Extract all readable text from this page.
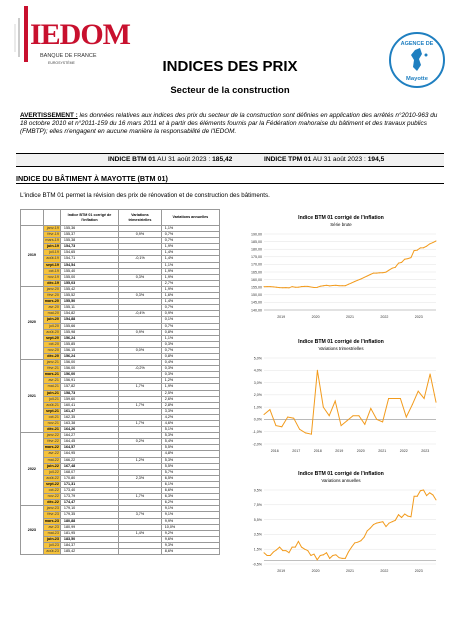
IEDOM
BANQUE DE FRANCE
EUROSYSTÈME	INDICES DES PRIX
Secteur de la construction
AGENCE DE
Mayotte
AVERTISSEMENT : les données relatives aux indices des prix du secteur de la construction sont définies en application des arrêtés n°2010-963 du 18 octobre 2010 et n°2011-159 du 16 mars 2011 et à partir des éléments fournis par la Fédération mahoraise du bâtiment et des travaux publics (FMBTP); elles n'engagent en aucune manière la responsabilité de l'IEDOM.
INDICE BTM 01 AU 31 août 2023 : 185,42	INDICE TPM 01 AU 31 août 2023 : 194,5
INDICE DU BÂTIMENT À MAYOTTE (BTM 01)
L'indice BTM 01 permet la révision des prix de rénovation et de construction des bâtiments.
		Indice BTM 01 corrigé de l'inflation	Variations trimestrielles	Variations annuelles
2019	janv-19	155,36		1,1%
	févr-19	155,37	0,9%	0,7%
	mars-19	155,38		0,7%
	juin-19	154,73		1,9%
	juil-19	154,65		1,4%
	août-19	154,71	-0,1%	1,4%
	sept-19	154,54		1,1%
	oct-19	155,40		1,9%
	nov-19	155,00	0,3%	1,9%
	déc-19	155,03		2,7%
2020	janv-20	155,42		1,9%
	févr-20	155,52	0,3%	1,6%
	mars-20	155,50		1,4%
	avr-20	155,11		0,7%
	mai-20	154,82	-0,4%	0,9%
	juin-20	154,88		0,1%
	juil-20	155,66		0,7%
	août-20	155,98	0,9%	0,8%
	sept-20	156,24		1,1%
	oct-20	155,85		0,3%
	nov-20	156,15	0,0%	0,7%
	déc-20	156,24		0,8%
2021	janv-21	156,00		0,4%
	févr-21	156,00	-0,2%	0,3%
	mars-21	156,00		0,3%
	avr-21	156,91		1,2%
	mai-21	157,82	1,7%	1,9%
	juin-21	158,73		2,5%
	juil-21	159,60		2,6%
	août-21	160,41	1,7%	2,8%
	sept-21	161,47		3,3%
	oct-21	162,35		4,2%
	nov-21	163,38	1,7%	4,6%
	déc-21	164,26		5,1%
2022	janv-22	164,27		5,3%
	févr-22	164,45	0,2%	5,4%
	mars-22	164,57		5,5%
	avr-22	164,95		4,8%
	mai-22	166,22	1,2%	5,3%
	juin-22	167,48		5,5%
	juil-22	168,07		5,7%
	août-22	170,80	2,3%	6,5%
	sept-22	171,31		6,1%
	oct-22	173,40		6,6%
	nov-22	173,79	1,7%	6,3%
	déc-22	174,47		6,2%
2023	janv-23	179,10		9,1%
	févr-23	179,35	3,7%	9,1%
	mars-23	180,88		9,9%
	avr-23	180,99		10,0%
	mai-23	181,95	1,4%	9,2%
	juin-23	183,50		9,6%
	juil-23	184,37		9,3%
	août-23	185,42		8,6%
Indice BTM 01 corrigé de l'inflation
Série brute
140,00
145,00
150,00
155,00
160,00
165,00
170,00
175,00
180,00
185,00
190,00
2019	2020	2021	2022	2023
Indice BTM 01 corrigé de l'inflation
Variations trimestrielles
-2,0%
-1,0%
0,0%
1,0%
2,0%
3,0%
4,0%
5,0%
2016	2017	2018	2019	2020	2021	2022	2023
Indice BTM 01 corrigé de l'inflation
Variations annuelles
-0,5%
1,5%
3,5%
5,5%
7,5%
9,5%
2019	2020	2021	2022	2023
